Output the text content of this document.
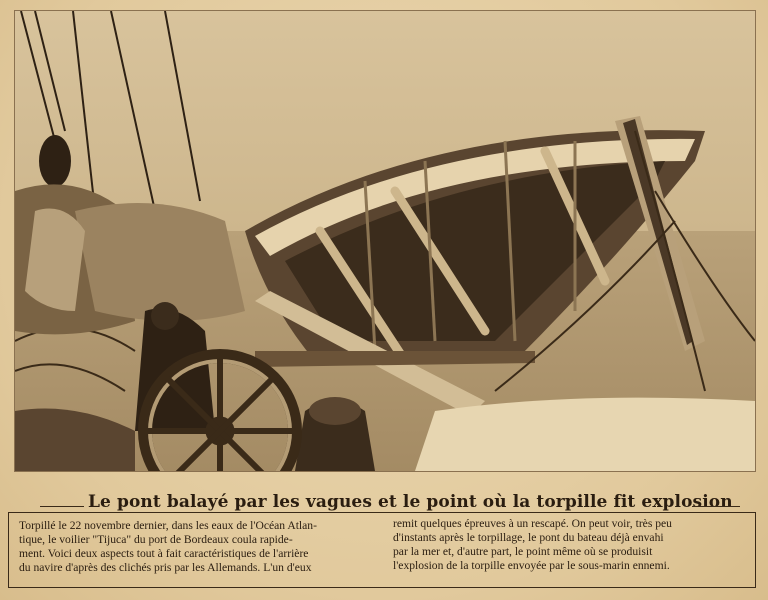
Le pont balayé par les vagues et le point où la torpille fit explosion
Torpillé le 22 novembre dernier, dans les eaux de l'Océan Atlan-
tique, le voilier "Tijuca" du port de Bordeaux coula rapide-
ment. Voici deux aspects tout à fait caractéristiques de l'arrière
du navire d'après des clichés pris par les Allemands. L'un d'eux
remit quelques épreuves à un rescapé. On peut voir, très peu
d'instants après le torpillage, le pont du bateau déjà envahi
par la mer et, d'autre part, le point même où se produisit
l'explosion de la torpille envoyée par le sous-marin ennemi.
